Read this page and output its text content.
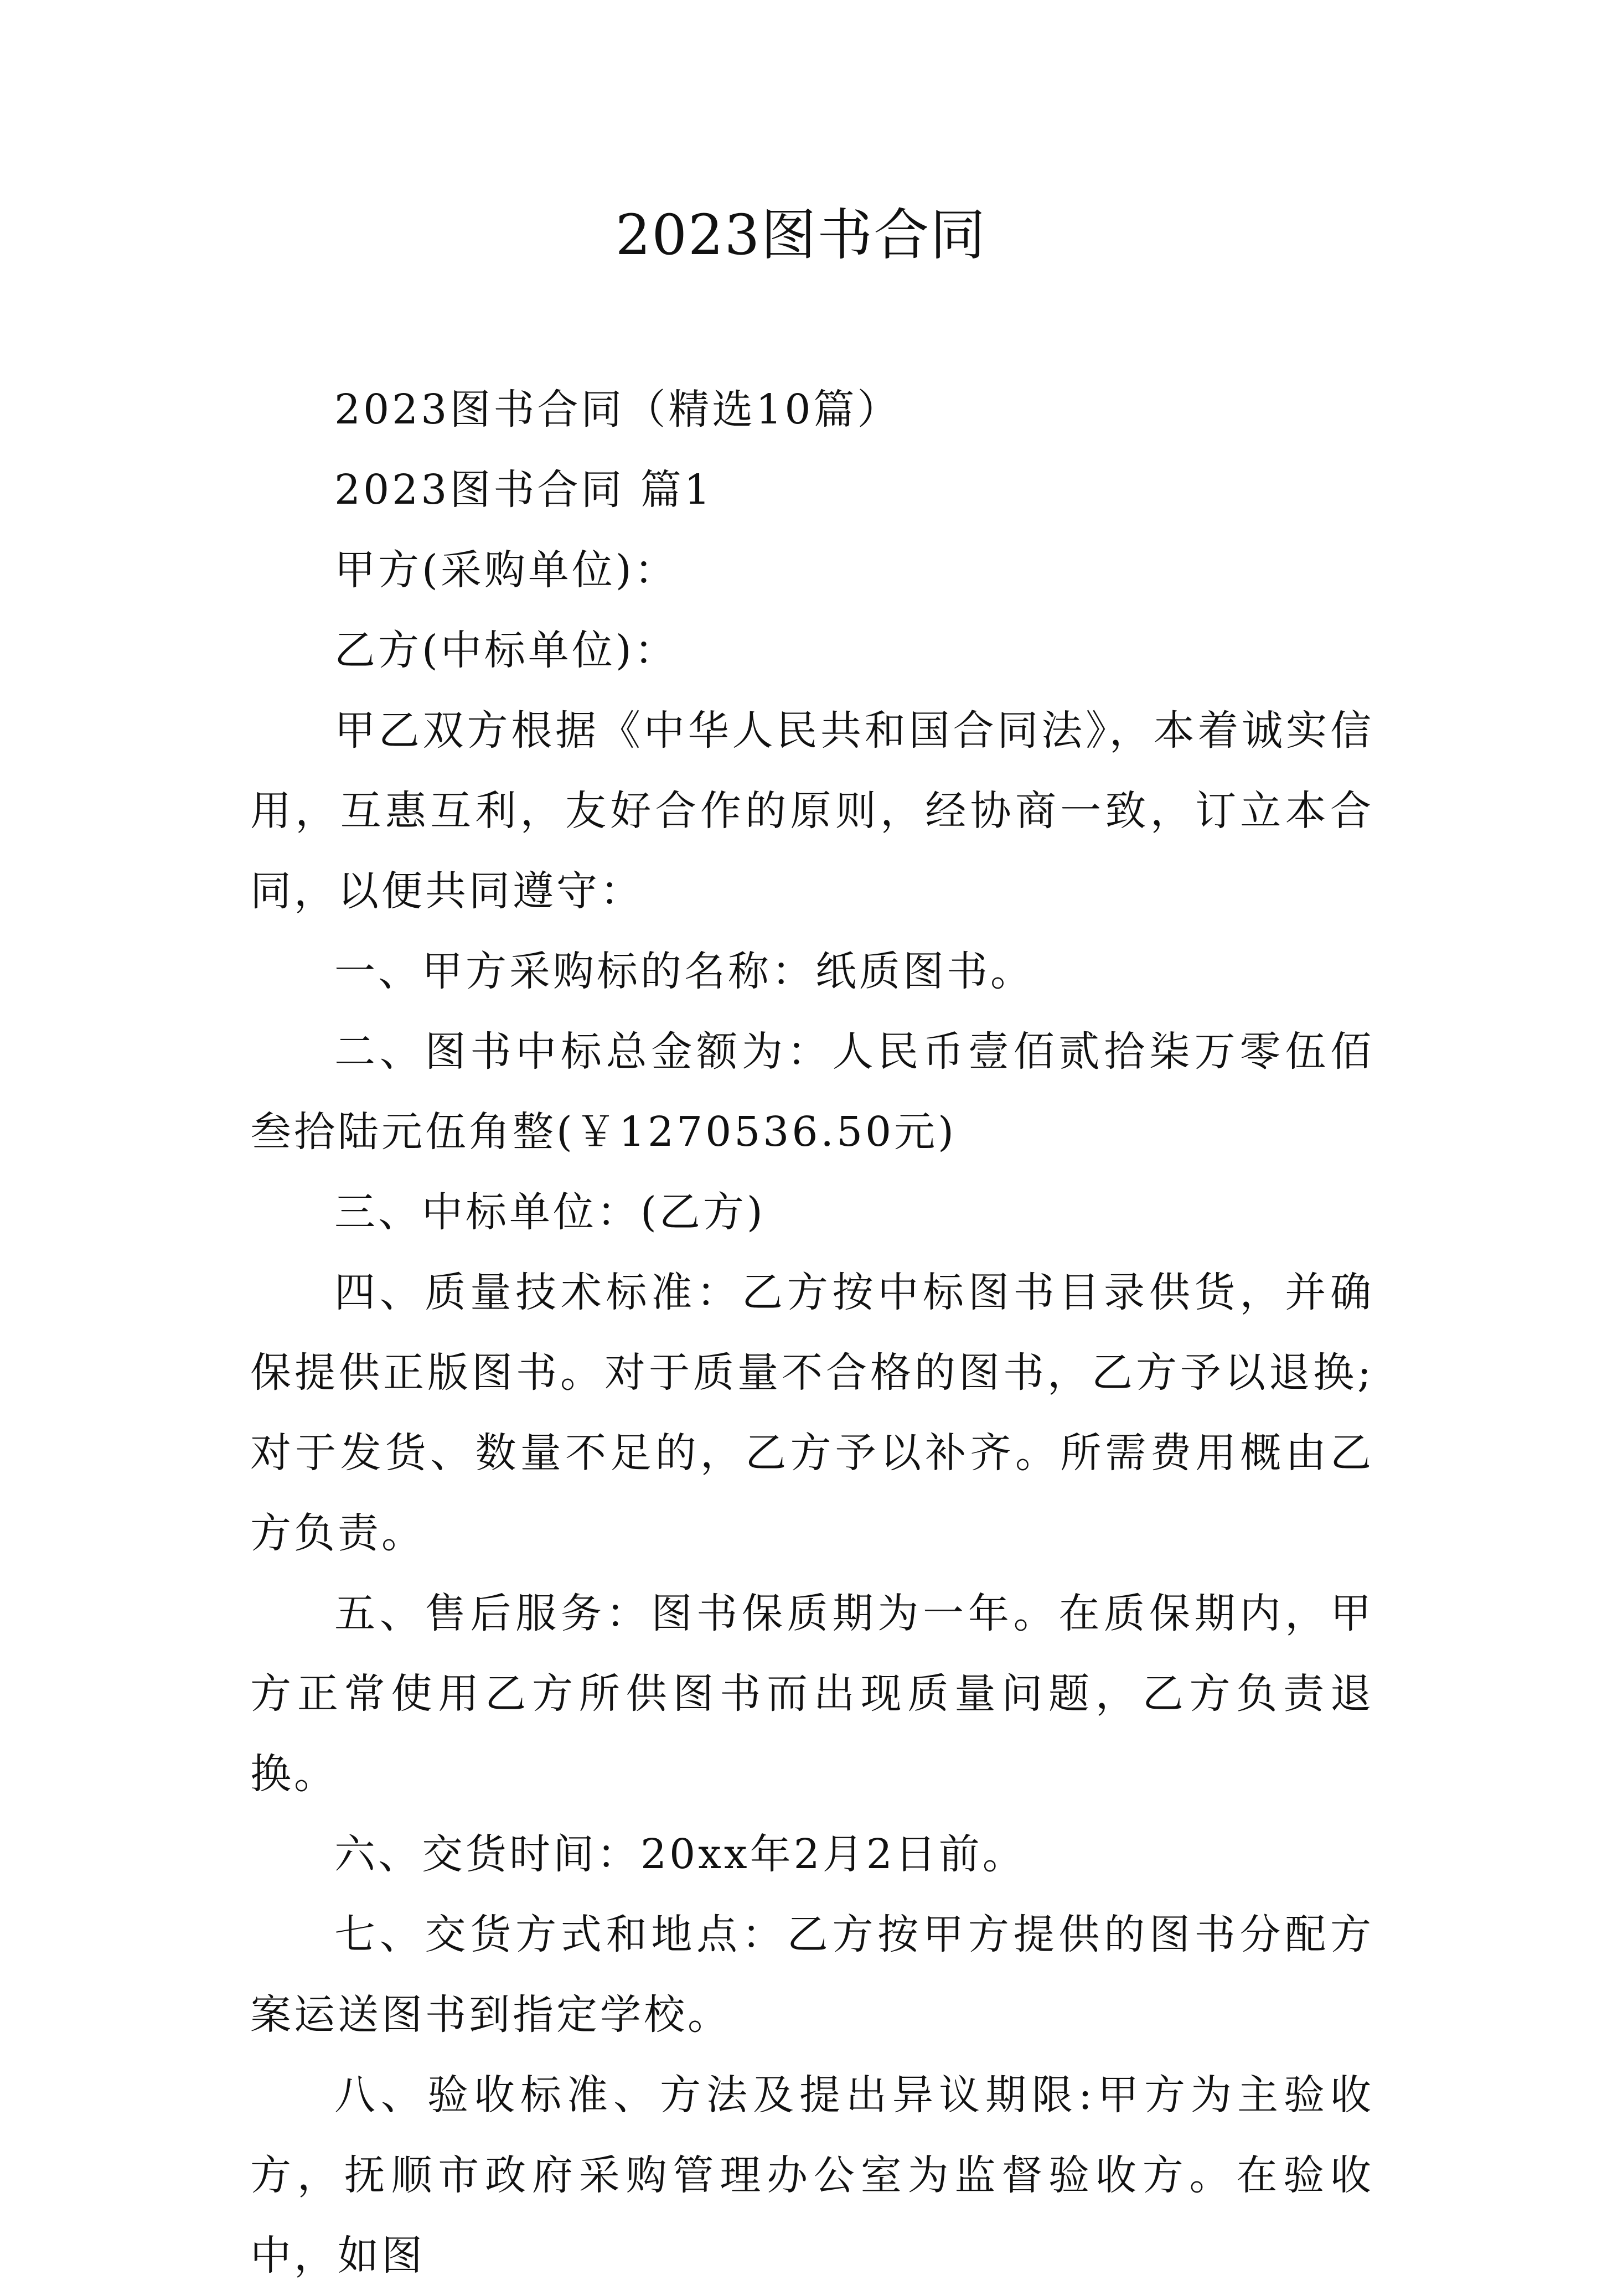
2023图书合同

2023图书合同（精选10篇）

2023图书合同 篇1

甲方(采购单位)：

乙方(中标单位)：

甲乙双方根据《中华人民共和国合同法》，本着诚实信用，互惠互利，友好合作的原则，经协商一致，订立本合同，以便共同遵守：

一、甲方采购标的名称：纸质图书。

二、图书中标总金额为：人民币壹佰贰拾柒万零伍佰叁拾陆元伍角整(￥1270536.50元)

三、中标单位：(乙方)

四、质量技术标准：乙方按中标图书目录供货，并确保提供正版图书。对于质量不合格的图书，乙方予以退换;对于发货、数量不足的，乙方予以补齐。所需费用概由乙方负责。

五、售后服务：图书保质期为一年。在质保期内，甲方正常使用乙方所供图书而出现质量问题，乙方负责退换。

六、交货时间：20xx年2月2日前。

七、交货方式和地点：乙方按甲方提供的图书分配方案运送图书到指定学校。

八、验收标准、方法及提出异议期限:甲方为主验收方，抚顺市政府采购管理办公室为监督验收方。在验收中，如图
